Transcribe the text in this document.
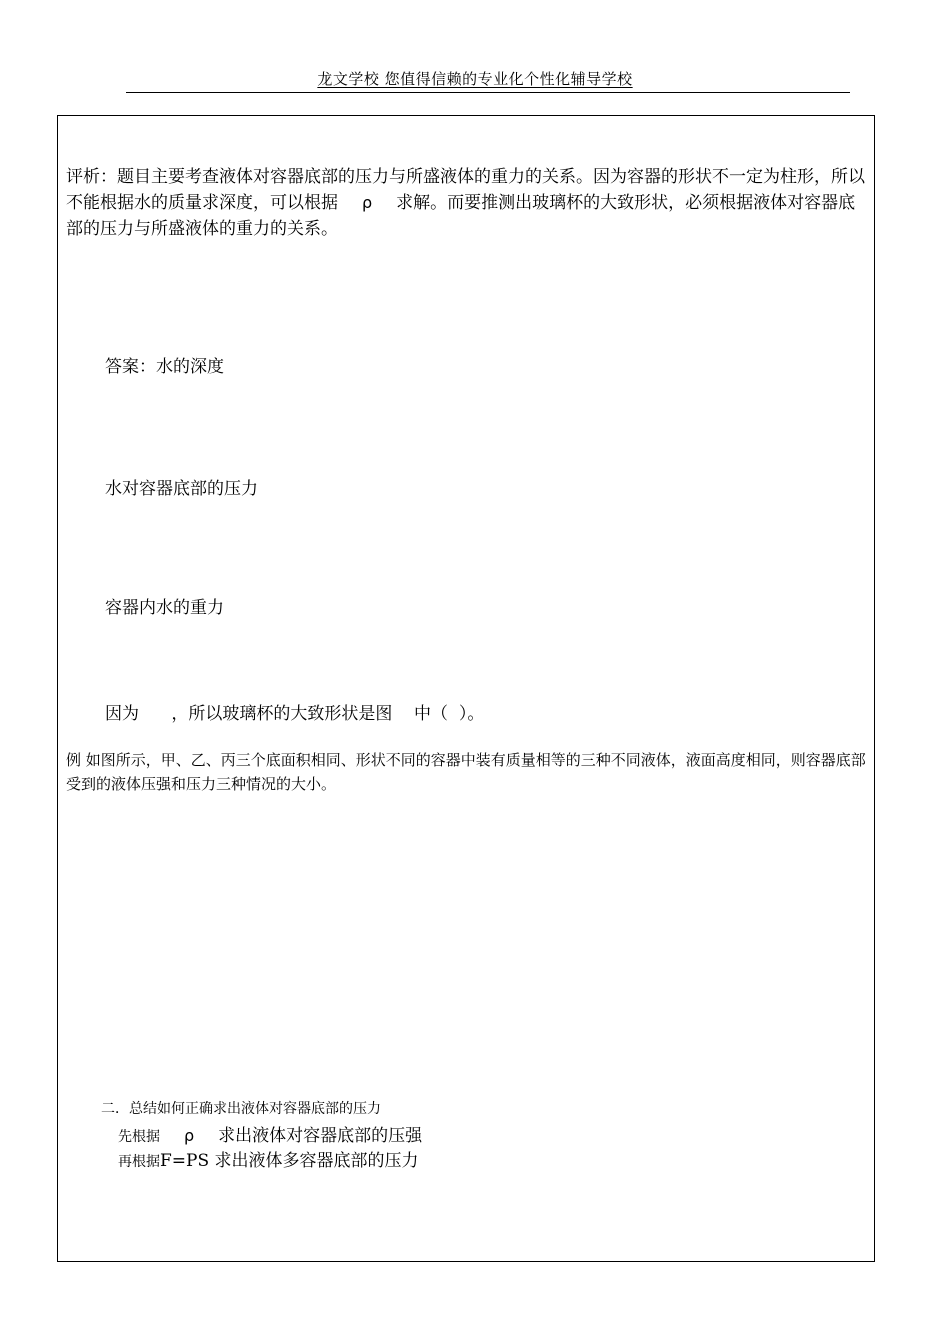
龙文学校 您值得信赖的专业化个性化辅导学校
评析：题目主要考查液体对容器底部的压力与所盛液体的重力的关系。因为容器的形状不一定为柱形，所以不能根据水的质量求深度，可以根据 ρ 求解。而要推测出玻璃杯的大致形状，必须根据液体对容器底部的压力与所盛液体的重力的关系。
答案：水的深度
水对容器底部的压力
容器内水的重力
因为      ，所以玻璃杯的大致形状是图    中（  ）。
例 如图所示，甲、乙、丙三个底面积相同、形状不同的容器中装有质量相等的三种不同液体，液面高度相同，则容器底部受到的液体压强和压力三种情况的大小。
二．总结如何正确求出液体对容器底部的压力
先根据 ρ 求出液体对容器底部的压强
再根据F=PS 求出液体多容器底部的压力
